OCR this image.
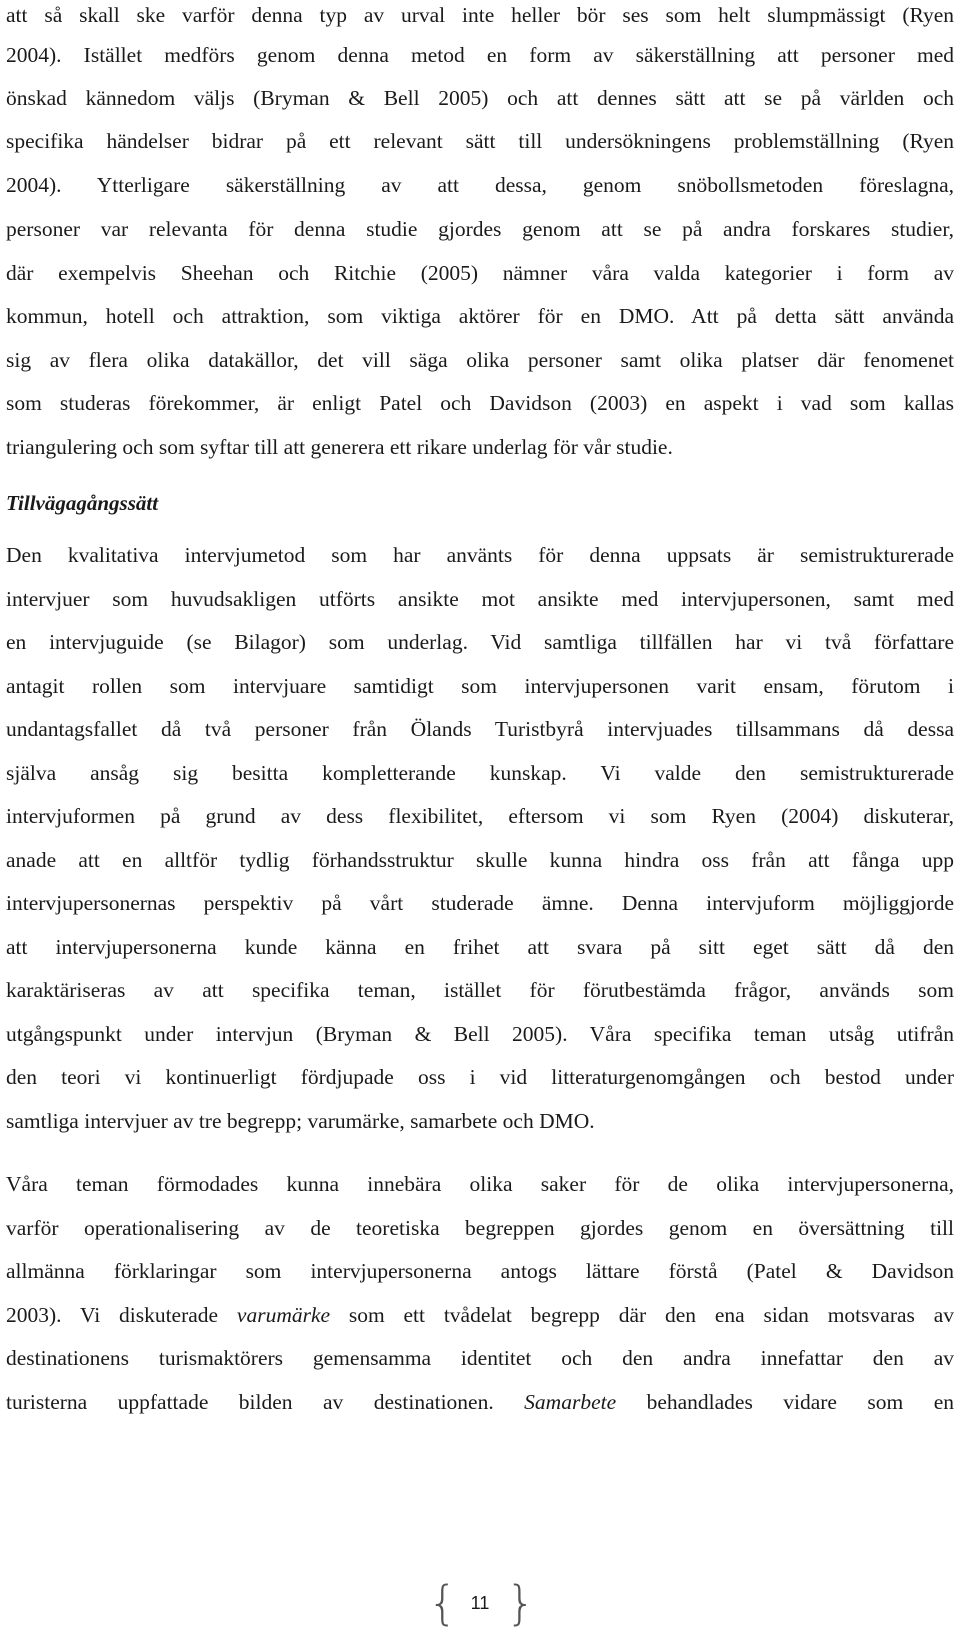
att så skall ske varför denna typ av urval inte heller bör ses som helt slumpmässigt (Ryen
2004). Istället medförs genom denna metod en form av säkerställning att personer med
önskad kännedom väljs (Bryman & Bell 2005) och att dennes sätt att se på världen och
specifika händelser bidrar på ett relevant sätt till undersökningens problemställning (Ryen
2004). Ytterligare säkerställning av att dessa, genom snöbollsmetoden föreslagna,
personer var relevanta för denna studie gjordes genom att se på andra forskares studier,
där exempelvis Sheehan och Ritchie (2005) nämner våra valda kategorier i form av
kommun, hotell och attraktion, som viktiga aktörer för en DMO. Att på detta sätt använda
sig av flera olika datakällor, det vill säga olika personer samt olika platser där fenomenet
som studeras förekommer, är enligt Patel och Davidson (2003) en aspekt i vad som kallas
triangulering och som syftar till att generera ett rikare underlag för vår studie.
Tillvägagångssätt
Den kvalitativa intervjumetod som har använts för denna uppsats är semistrukturerade
intervjuer som huvudsakligen utförts ansikte mot ansikte med intervjupersonen, samt med
en intervjuguide (se Bilagor) som underlag. Vid samtliga tillfällen har vi två författare
antagit rollen som intervjuare samtidigt som intervjupersonen varit ensam, förutom i
undantagsfallet då två personer från Ölands Turistbyrå intervjuades tillsammans då dessa
själva ansåg sig besitta kompletterande kunskap. Vi valde den semistrukturerade
intervjuformen på grund av dess flexibilitet, eftersom vi som Ryen (2004) diskuterar,
anade att en alltför tydlig förhandsstruktur skulle kunna hindra oss från att fånga upp
intervjupersonernas perspektiv på vårt studerade ämne. Denna intervjuform möjliggjorde
att intervjupersonerna kunde känna en frihet att svara på sitt eget sätt då den
karaktäriseras av att specifika teman, istället för förutbestämda frågor, används som
utgångspunkt under intervjun (Bryman & Bell 2005). Våra specifika teman utsåg utifrån
den teori vi kontinuerligt fördjupade oss i vid litteraturgenomgången och bestod under
samtliga intervjuer av tre begrepp; varumärke, samarbete och DMO.
Våra teman förmodades kunna innebära olika saker för de olika intervjupersonerna,
varför operationalisering av de teoretiska begreppen gjordes genom en översättning till
allmänna förklaringar som intervjupersonerna antogs lättare förstå (Patel & Davidson
2003). Vi diskuterade varumärke som ett tvådelat begrepp där den ena sidan motsvaras av
destinationens turismaktörers gemensamma identitet och den andra innefattar den av
turisterna uppfattade bilden av destinationen. Samarbete behandlades vidare som en
{ 11 }
